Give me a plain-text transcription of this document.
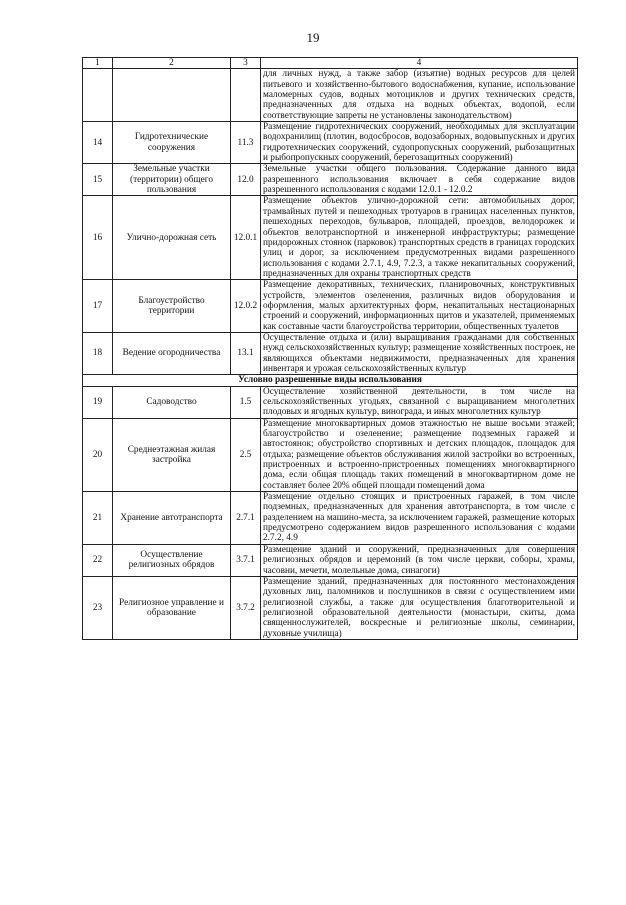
19
1	2	3	4
			для личных нужд, а также забор (изъятие) водных ресурсов для целей питьевого и хозяйственно-бытового водоснабжения, купание, использование маломерных судов, водных мотоциклов и других технических средств, предназначенных для отдыха на водных объектах, водопой, если соответствующие запреты не установлены законодательством)
14	Гидротехнические сооружения	11.3	Размещение гидротехнических сооружений, необходимых для эксплуатации водохранилищ (плотин, водосбросов, водозаборных, водовыпускных и других гидротехнических сооружений, судопропускных сооружений, рыбозащитных и рыбопропускных сооружений, берегозащитных сооружений)
15	Земельные участки (территории) общего пользования	12.0	Земельные участки общего пользования. Содержание данного вида разрешенного использования включает в себя содержание видов разрешенного использования с кодами 12.0.1 - 12.0.2
16	Улично-дорожная сеть	12.0.1	Размещение объектов улично-дорожной сети: автомобильных дорог, трамвайных путей и пешеходных тротуаров в границах населенных пунктов, пешеходных переходов, бульваров, площадей, проездов, велодорожек и объектов велотранспортной и инженерной инфраструктуры; размещение придорожных стоянок (парковок) транспортных средств в границах городских улиц и дорог, за исключением предусмотренных видами разрешенного использования с кодами 2.7.1, 4.9, 7.2.3, а также некапитальных сооружений, предназначенных для охраны транспортных средств
17	Благоустройство территории	12.0.2	Размещение декоративных, технических, планировочных, конструктивных устройств, элементов озеленения, различных видов оборудования и оформления, малых архитектурных форм, некапитальных нестационарных строений и сооружений, информационных щитов и указателей, применяемых как составные части благоустройства территории, общественных туалетов
18	Ведение огородничества	13.1	Осуществление отдыха и (или) выращивания гражданами для собственных нужд сельскохозяйственных культур; размещение хозяйственных построек, не являющихся объектами недвижимости, предназначенных для хранения инвентаря и урожая сельскохозяйственных культур
Условно разрешенные виды использования			
19	Садоводство	1.5	Осуществление хозяйственной деятельности, в том числе на сельскохозяйственных угодьях, связанной с выращиванием многолетних плодовых и ягодных культур, винограда, и иных многолетних культур
20	Среднеэтажная жилая застройка	2.5	Размещение многоквартирных домов этажностью не выше восьми этажей; благоустройство и озеленение; размещение подземных гаражей и автостоянок; обустройство спортивных и детских площадок, площадок для отдыха; размещение объектов обслуживания жилой застройки во встроенных, пристроенных и встроенно-пристроенных помещениях многоквартирного дома, если общая площадь таких помещений в многоквартирном доме не составляет более 20% общей площади помещений дома
21	Хранение автотранспорта	2.7.1	Размещение отдельно стоящих и пристроенных гаражей, в том числе подземных, предназначенных для хранения автотранспорта, в том числе с разделением на машино-места, за исключением гаражей, размещение которых предусмотрено содержанием видов разрешенного использования с кодами 2.7.2, 4.9
22	Осуществление религиозных обрядов	3.7.1	Размещение зданий и сооружений, предназначенных для совершения религиозных обрядов и церемоний (в том числе церкви, соборы, храмы, часовни, мечети, молельные дома, синагоги)
23	Религиозное управление и образование	3.7.2	Размещение зданий, предназначенных для постоянного местонахождения духовных лиц, паломников и послушников в связи с осуществлением ими религиозной службы, а также для осуществления благотворительной и религиозной образовательной деятельности (монастыри, скиты, дома священнослужителей, воскресные и религиозные школы, семинарии, духовные училища)
